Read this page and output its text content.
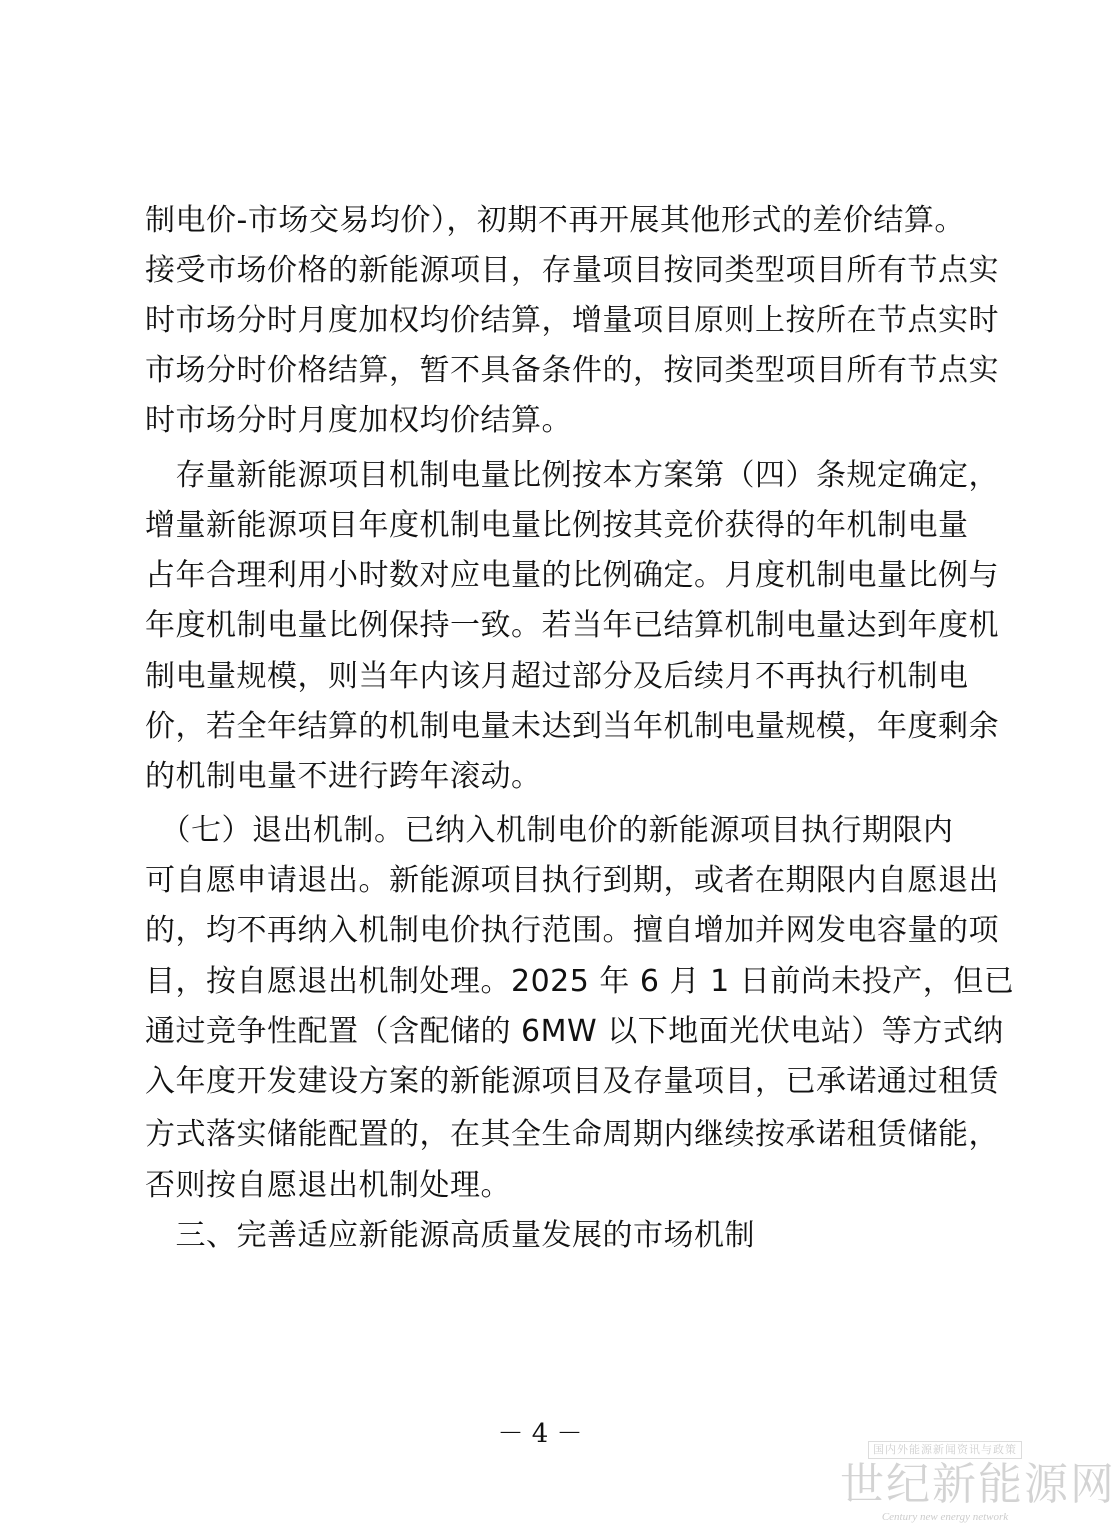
制电价-市场交易均价），初期不再开展其他形式的差价结算。
接受市场价格的新能源项目，存量项目按同类型项目所有节点实
时市场分时月度加权均价结算，增量项目原则上按所在节点实时
市场分时价格结算，暂不具备条件的，按同类型项目所有节点实
时市场分时月度加权均价结算。
　存量新能源项目机制电量比例按本方案第（四）条规定确定，
增量新能源项目年度机制电量比例按其竞价获得的年机制电量
占年合理利用小时数对应电量的比例确定。月度机制电量比例与
年度机制电量比例保持一致。若当年已结算机制电量达到年度机
制电量规模，则当年内该月超过部分及后续月不再执行机制电
价，若全年结算的机制电量未达到当年机制电量规模，年度剩余
的机制电量不进行跨年滚动。
　（七）退出机制。已纳入机制电价的新能源项目执行期限内
可自愿申请退出。新能源项目执行到期，或者在期限内自愿退出
的，均不再纳入机制电价执行范围。擅自增加并网发电容量的项
目，按自愿退出机制处理。2025 年 6 月 1 日前尚未投产，但已
通过竞争性配置（含配储的 6MW 以下地面光伏电站）等方式纳
入年度开发建设方案的新能源项目及存量项目，已承诺通过租赁
方式落实储能配置的，在其全生命周期内继续按承诺租赁储能，
否则按自愿退出机制处理。
　三、完善适应新能源高质量发展的市场机制
－ 4 －
国内外能源新闻资讯与政策
世纪新能源网
Century new energy network
